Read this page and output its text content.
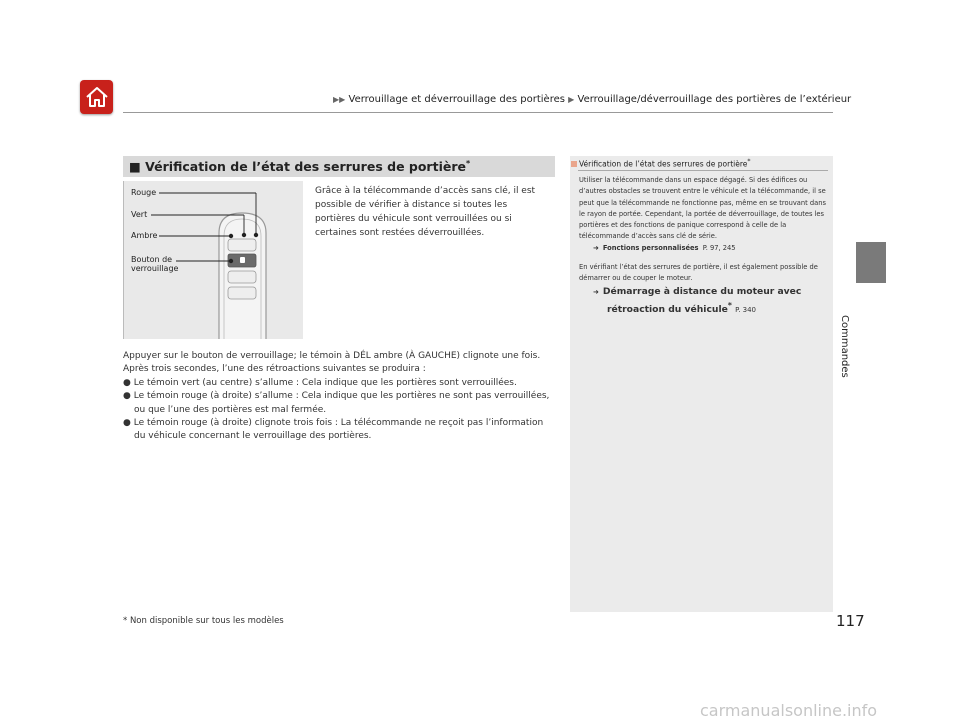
▶▶ Verrouillage et déverrouillage des portières ▶ Verrouillage/déverrouillage des portières de l’extérieur
Commandes
■ Vérification de l’état des serrures de portière*
Rouge
Vert
Ambre
Bouton de
verrouillage
Grâce à la télécommande d’accès sans clé, il est possible de vérifier à distance si toutes les portières du véhicule sont verrouillées ou si certaines sont restées déverrouillées.
Appuyer sur le bouton de verrouillage; le témoin à DÉL ambre (À GAUCHE) clignote une fois.
Après trois secondes, l’une des rétroactions suivantes se produira :
● Le témoin vert (au centre) s’allume : Cela indique que les portières sont verrouillées.
● Le témoin rouge (à droite) s’allume : Cela indique que les portières ne sont pas verrouillées, ou que l’une des portières est mal fermée.
● Le témoin rouge (à droite) clignote trois fois : La télécommande ne reçoit pas l’information du véhicule concernant le verrouillage des portières.
Vérification de l’état des serrures de portière*
Utiliser la télécommande dans un espace dégagé. Si des édifices ou d’autres obstacles se trouvent entre le véhicule et la télécommande, il se peut que la télécommande ne fonctionne pas, même en se trouvant dans le rayon de portée. Cependant, la portée de déverrouillage, de toutes les portières et des fonctions de panique correspond à celle de la télécommande d’accès sans clé de série.
➜ Fonctions personnalisées P. 97, 245
En vérifiant l’état des serrures de portière, il est également possible de démarrer ou de couper le moteur.
➜ Démarrage à distance du moteur avec
rétroaction du véhicule* P. 340
* Non disponible sur tous les modèles	117
carmanualsonline.info
